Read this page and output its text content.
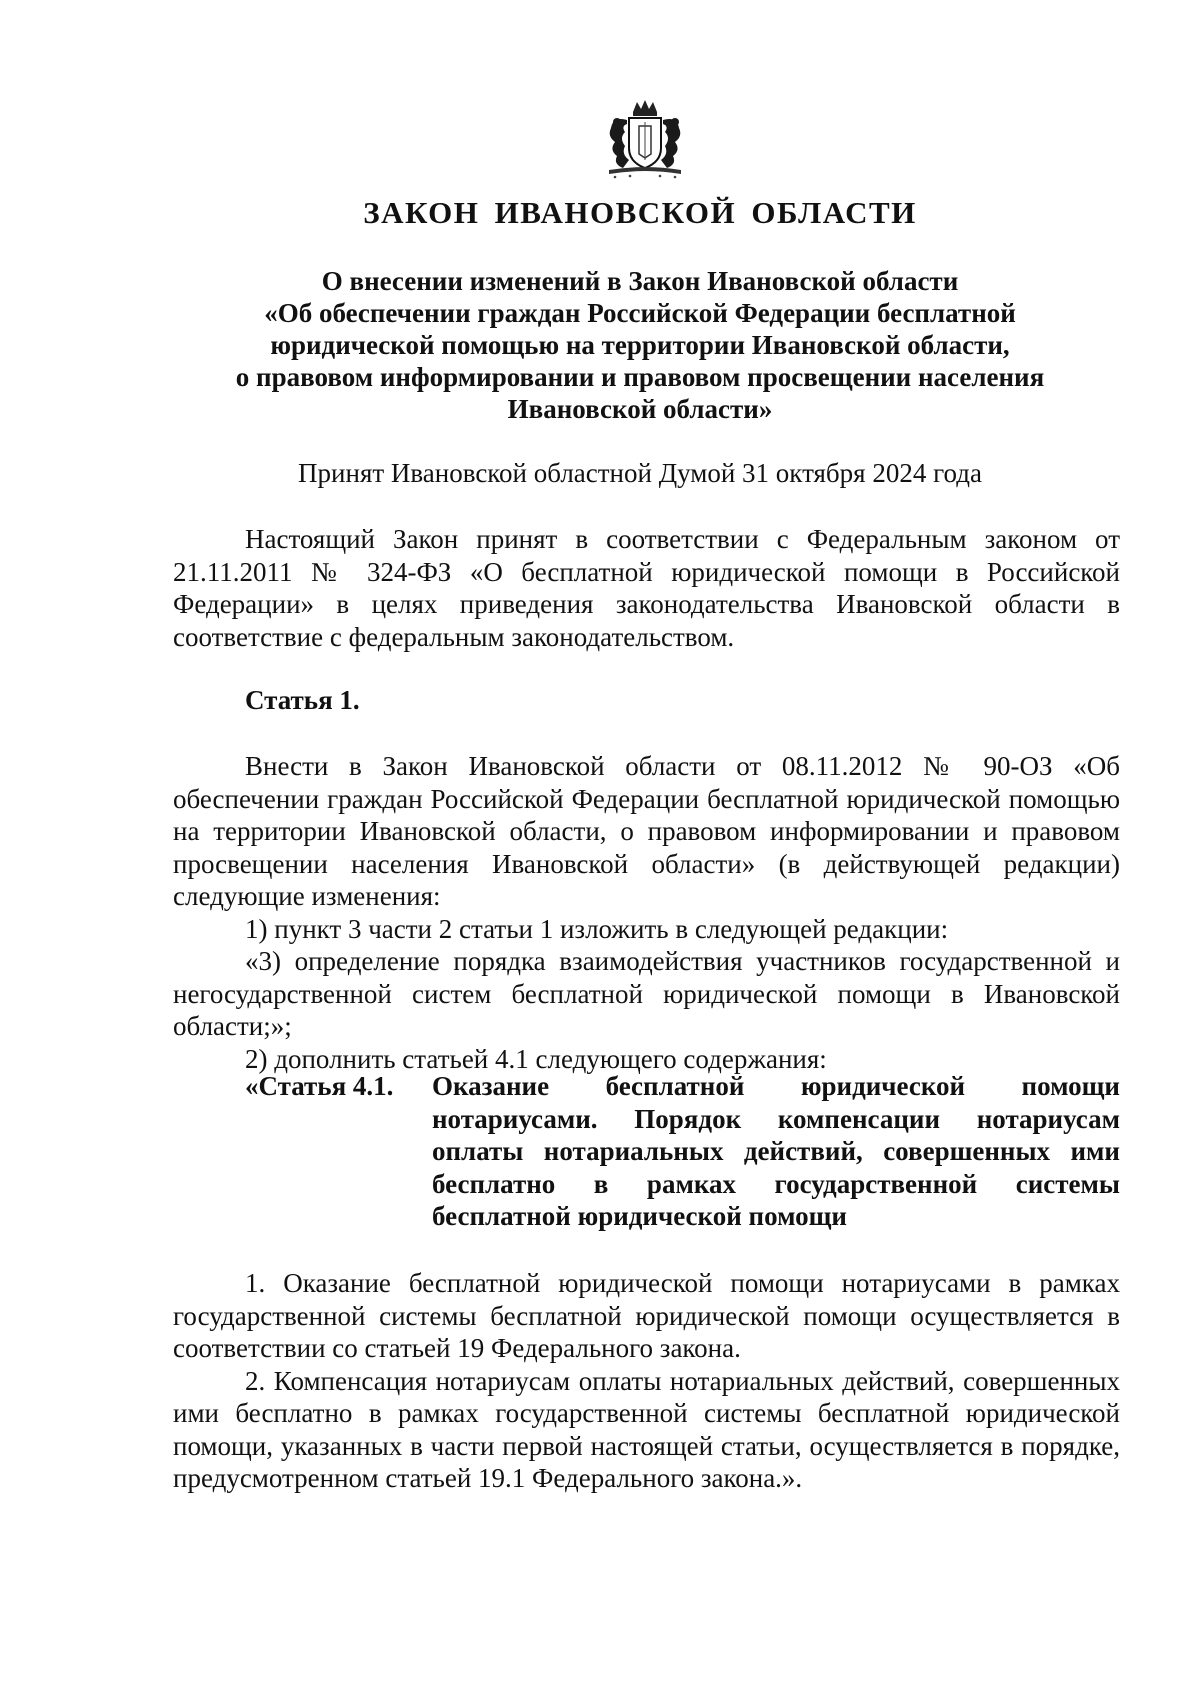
ЗАКОН ИВАНОВСКОЙ ОБЛАСТИ
О внесении изменений в Закон Ивановской области
«Об обеспечении граждан Российской Федерации бесплатной
юридической помощью на территории Ивановской области,
о правовом информировании и правовом просвещении населения
Ивановской области»
Принят Ивановской областной Думой 31 октября 2024 года

Настоящий Закон принят в соответствии с Федеральным законом от 21.11.2011 № 324-ФЗ «О бесплатной юридической помощи в Российской Федерации» в целях приведения законодательства Ивановской области в соответствие с федеральным законодательством.

Статья 1.

Внести в Закон Ивановской области от 08.11.2012 № 90-ОЗ «Об обеспечении граждан Российской Федерации бесплатной юридической помощью на территории Ивановской области, о правовом информировании и правовом просвещении населения Ивановской области» (в действующей редакции) следующие изменения:

1) пункт 3 части 2 статьи 1 изложить в следующей редакции:

«3) определение порядка взаимодействия участников государственной и негосударственной систем бесплатной юридической помощи в Ивановской области;»;

2) дополнить статьей 4.1 следующего содержания:

«Статья 4.1.	Оказание бесплатной юридической помощи нотариусами. Порядок компенсации нотариусам оплаты нотариальных действий, совершенных ими бесплатно в рамках государственной системы бесплатной юридической помощи

1. Оказание бесплатной юридической помощи нотариусами в рамках государственной системы бесплатной юридической помощи осуществляется в соответствии со статьей 19 Федерального закона.

2. Компенсация нотариусам оплаты нотариальных действий, совершенных ими бесплатно в рамках государственной системы бесплатной юридической помощи, указанных в части первой настоящей статьи, осуществляется в порядке, предусмотренном статьей 19.1 Федерального закона.».
